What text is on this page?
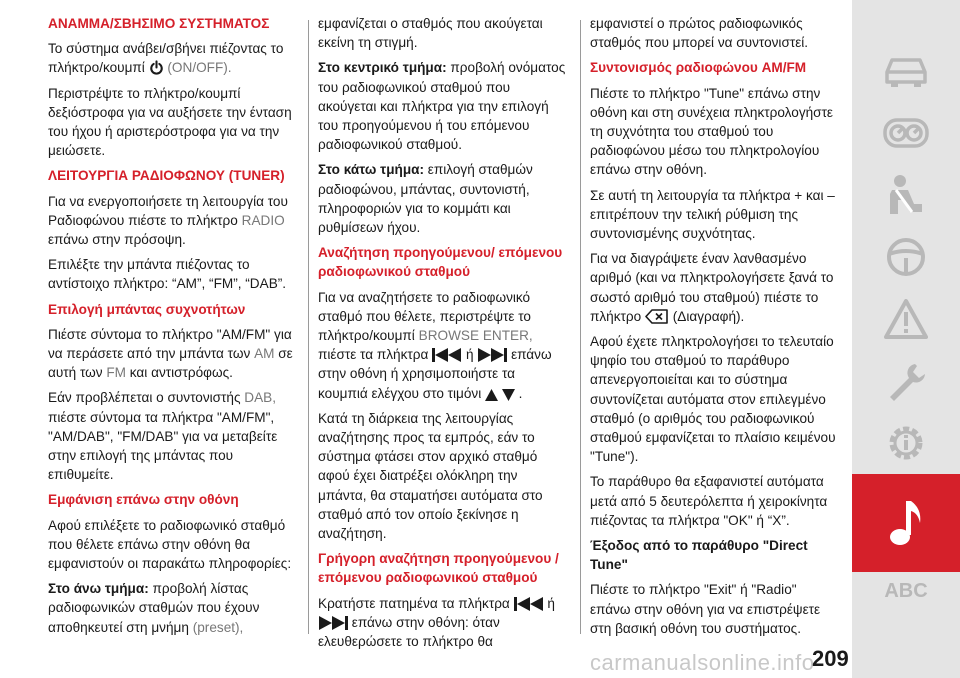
ΑΝΑΜΜΑ/ΣΒΗΣΙΜΟ ΣΥΣΤΗΜΑΤΟΣ

Το σύστημα ανάβει/σβήνει πιέζοντας το πλήκτρο/κουμπί (ON/OFF).

Περιστρέψτε το πλήκτρο/κουμπί δεξιόστροφα για να αυξήσετε την ένταση του ήχου ή αριστερόστροφα για να την μειώσετε.

ΛΕΙΤΟΥΡΓΙΑ ΡΑΔΙΟΦΩΝΟΥ (TUNER)

Για να ενεργοποιήσετε τη λειτουργία του Ραδιοφώνου πιέστε το πλήκτρο RADIO επάνω στην πρόσοψη.

Επιλέξτε την μπάντα πιέζοντας το αντίστοιχο πλήκτρο: “AM”, “FM”, “DAB”.

Επιλογή μπάντας συχνοτήτων

Πιέστε σύντομα το πλήκτρο "AM/FM" για να περάσετε από την μπάντα των AM σε αυτή των FM και αντιστρόφως.

Εάν προβλέπεται ο συντονιστής DAB, πιέστε σύντομα τα πλήκτρα "AM/FM", "AM/DAB", "FM/DAB" για να μεταβείτε στην επιλογή της μπάντας που επιθυμείτε.

Εμφάνιση επάνω στην οθόνη

Αφού επιλέξετε το ραδιοφωνικό σταθμό που θέλετε επάνω στην οθόνη θα εμφανιστούν οι παρακάτω πληροφορίες:

Στο άνω τμήμα: προβολή λίστας ραδιοφωνικών σταθμών που έχουν αποθηκευτεί στη μνήμη (preset),

εμφανίζεται ο σταθμός που ακούγεται εκείνη τη στιγμή.

Στο κεντρικό τμήμα: προβολή ονόματος του ραδιοφωνικού σταθμού που ακούγεται και πλήκτρα για την επιλογή του προηγούμενου ή του επόμενου ραδιοφωνικού σταθμού.

Στο κάτω τμήμα: επιλογή σταθμών ραδιοφώνου, μπάντας, συντονιστή, πληροφοριών για το κομμάτι και ρυθμίσεων ήχου.

Αναζήτηση προηγούμενου/ επόμενου ραδιοφωνικού σταθμού

Για να αναζητήσετε το ραδιοφωνικό σταθμό που θέλετε, περιστρέψτε το πλήκτρο/κουμπί BROWSE ENTER, πιέστε τα πλήκτρα	ή	επάνω στην οθόνη ή χρησιμοποιήστε τα κουμπιά ελέγχου στο τιμόνι	.

Κατά τη διάρκεια της λειτουργίας αναζήτησης προς τα εμπρός, εάν το σύστημα φτάσει στον αρχικό σταθμό αφού έχει διατρέξει ολόκληρη την μπάντα, θα σταματήσει αυτόματα στο σταθμό από τον οποίο ξεκίνησε η αναζήτηση.

Γρήγορη αναζήτηση προηγούμενου /επόμενου ραδιοφωνικού σταθμού

Κρατήστε πατημένα τα πλήκτρα	ή  επάνω στην οθόνη: όταν ελευθερώσετε το πλήκτρο θα

εμφανιστεί ο πρώτος ραδιοφωνικός σταθμός που μπορεί να συντονιστεί.

Συντονισμός ραδιοφώνου AM/FM

Πιέστε το πλήκτρο "Tune" επάνω στην οθόνη και στη συνέχεια πληκτρολογήστε τη συχνότητα του σταθμού του ραδιοφώνου μέσω του πληκτρολογίου επάνω στην οθόνη.

Σε αυτή τη λειτουργία τα πλήκτρα + και – επιτρέπουν την τελική ρύθμιση της συντονισμένης συχνότητας.

Για να διαγράψετε έναν λανθασμένο αριθμό (και να πληκτρολογήσετε ξανά το σωστό αριθμό του σταθμού) πιέστε το πλήκτρο (Διαγραφή).

Αφού έχετε πληκτρολογήσει το τελευταίο ψηφίο του σταθμού το παράθυρο απενεργοποιείται και το σύστημα συντονίζεται αυτόματα στον επιλεγμένο σταθμό (ο αριθμός του ραδιοφωνικού σταθμού εμφανίζεται το πλαίσιο κειμένου "Tune").

Το παράθυρο θα εξαφανιστεί αυτόματα μετά από 5 δευτερόλεπτα ή χειροκίνητα πιέζοντας τα πλήκτρα "OK" ή “X”.

Έξοδος από το παράθυρο "Direct Tune"

Πιέστε το πλήκτρο "Exit" ή "Radio" επάνω στην οθόνη για να επιστρέψετε στη βασική οθόνη του συστήματος.

carmanualsonline.info
209
ABC
